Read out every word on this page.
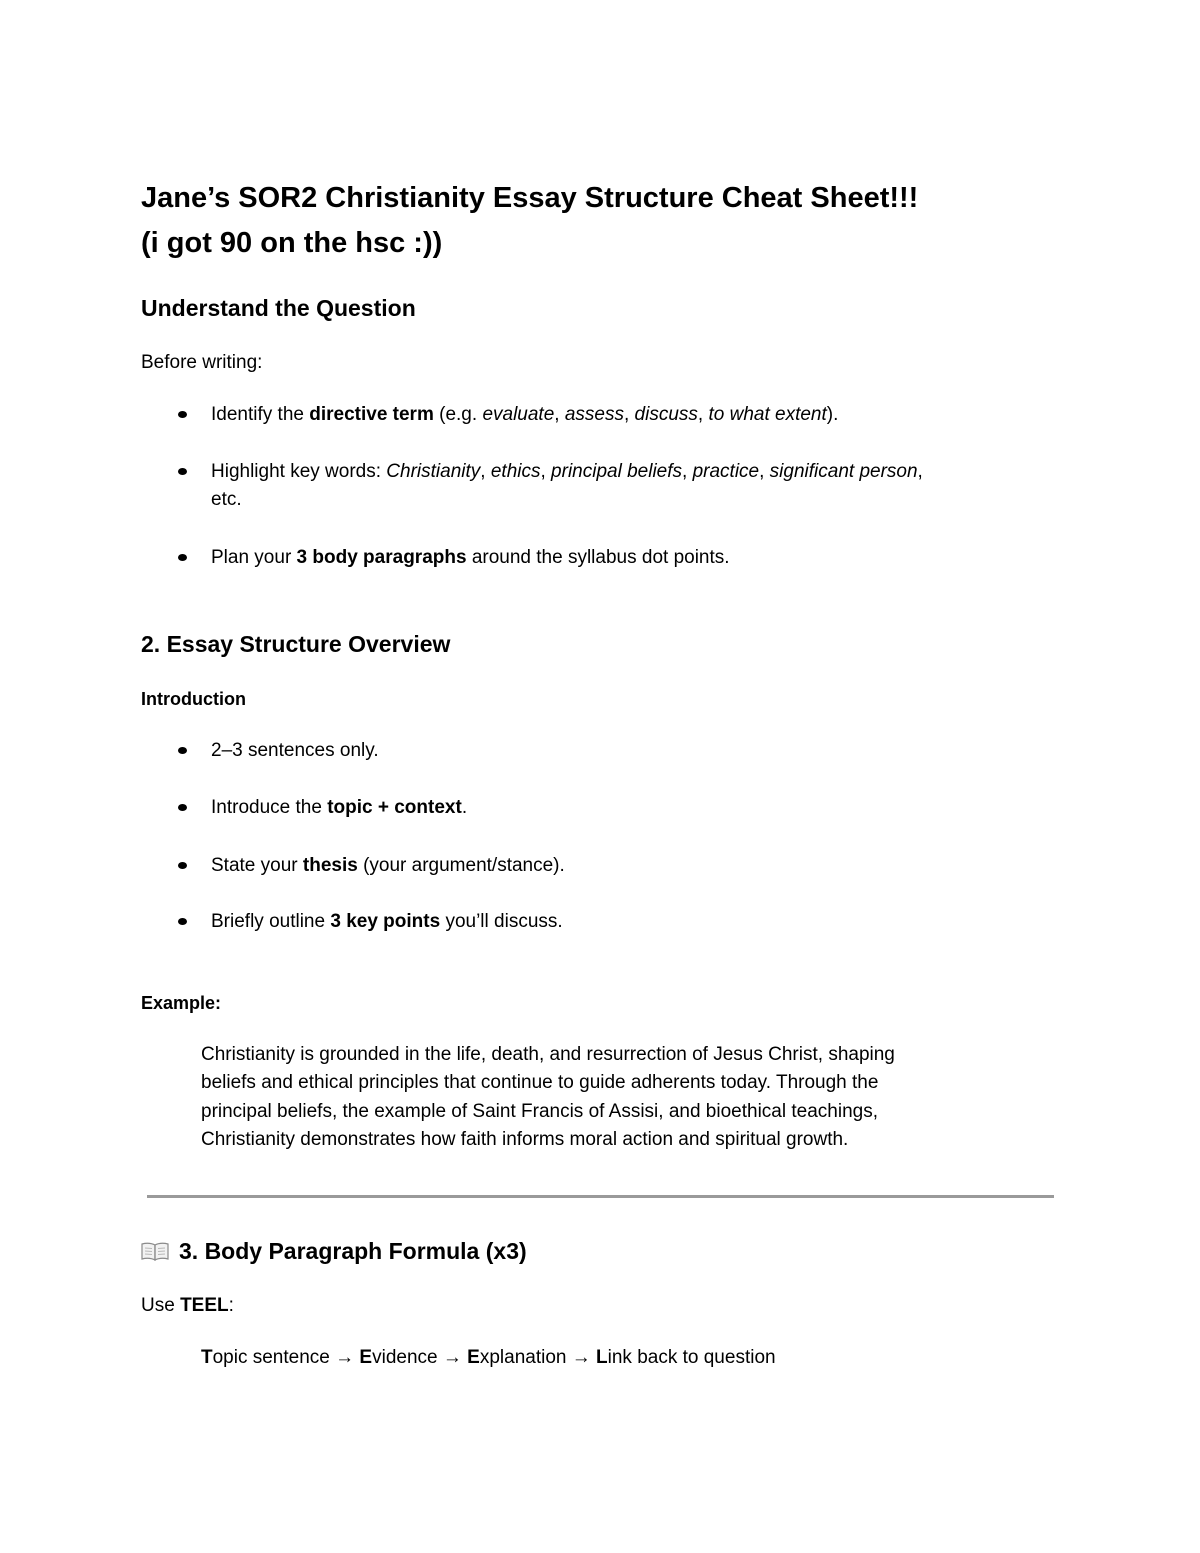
Jane’s SOR2 Christianity Essay Structure Cheat Sheet!!!
(i got 90 on the hsc :))
Understand the Question

Before writing:

Identify the directive term (e.g. evaluate, assess, discuss, to what extent).
Highlight key words: Christianity, ethics, principal beliefs, practice, significant person,
etc.
Plan your 3 body paragraphs around the syllabus dot points.
2. Essay Structure Overview
Introduction
2–3 sentences only.
Introduce the topic + context.
State your thesis (your argument/stance).
Briefly outline 3 key points you’ll discuss.
Example:

Christianity is grounded in the life, death, and resurrection of Jesus Christ, shaping

beliefs and ethical principles that continue to guide adherents today. Through the

principal beliefs, the example of Saint Francis of Assisi, and bioethical teachings,

Christianity demonstrates how faith informs moral action and spiritual growth.

3. Body Paragraph Formula (x3)

Use TEEL:

Topic sentence → Evidence → Explanation → Link back to question
